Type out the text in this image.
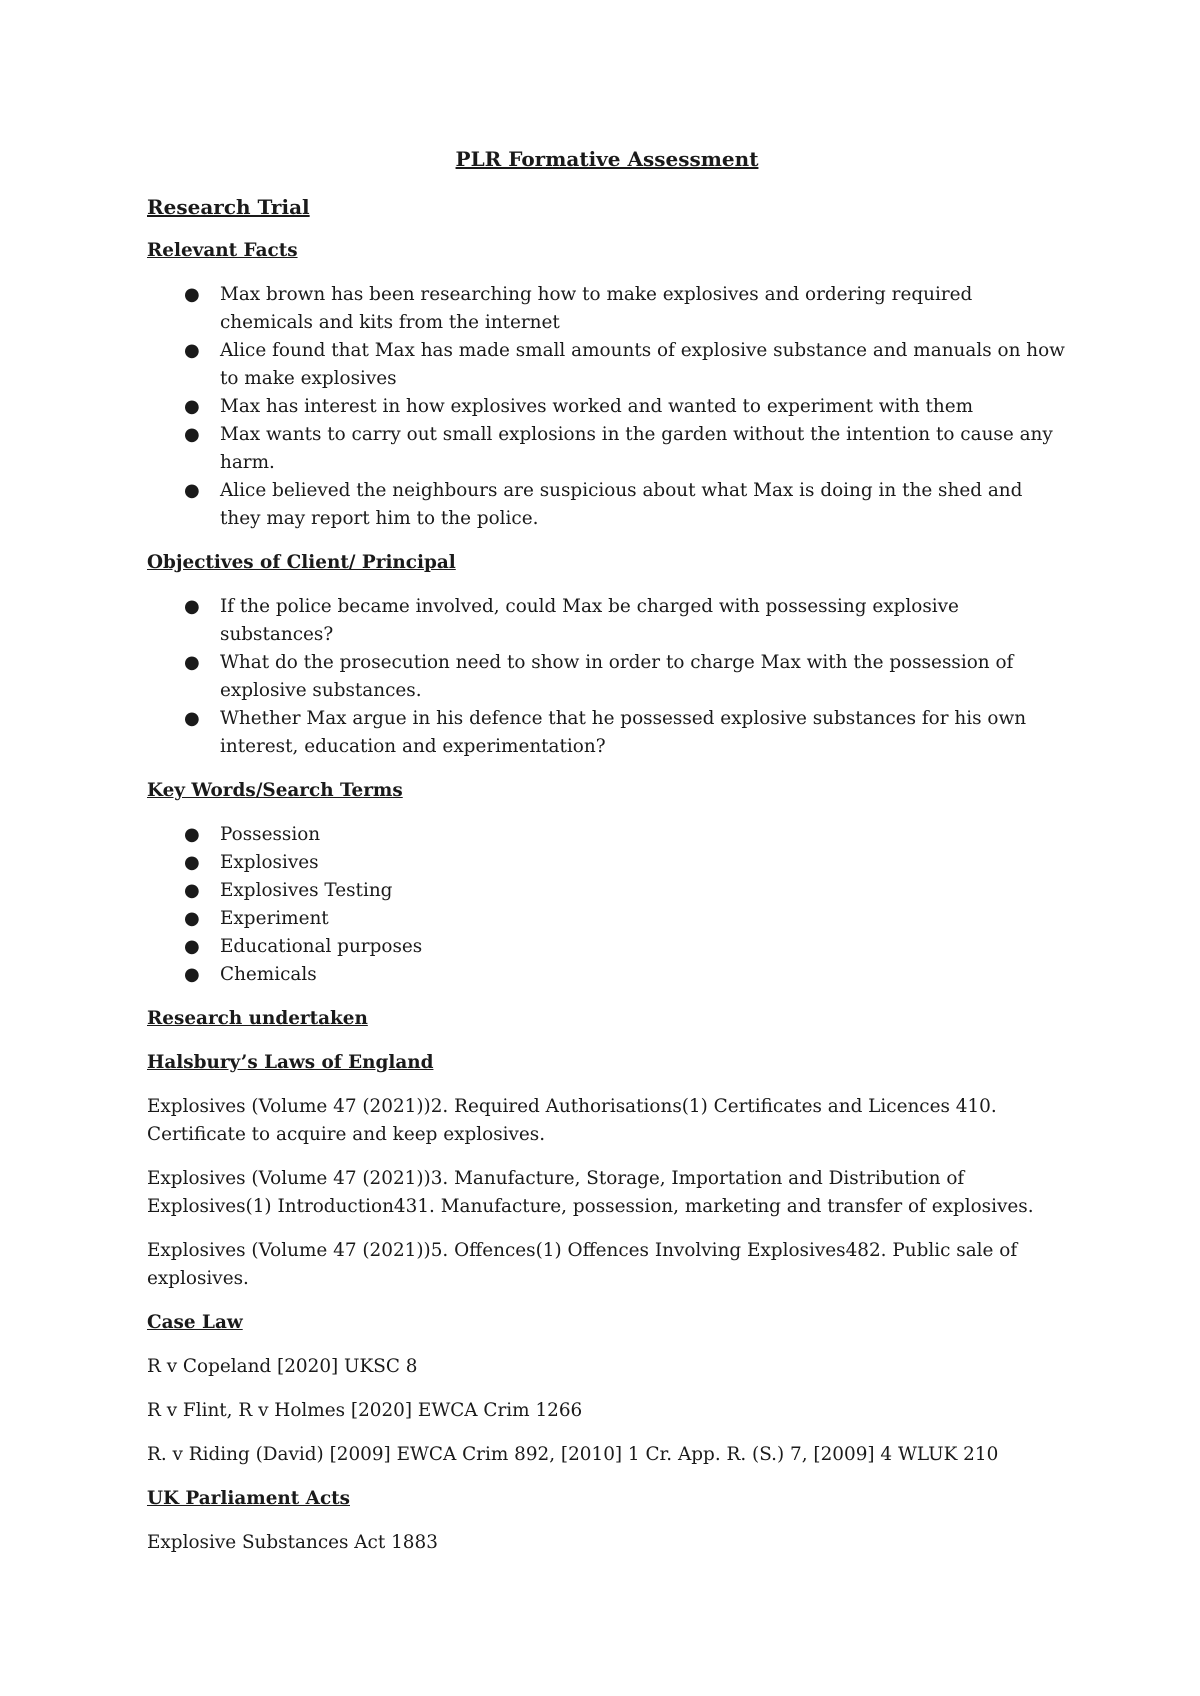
PLR Formative Assessment
Research Trial
Relevant Facts
● Max brown has been researching how to make explosives and ordering required chemicals and kits from the internet
● Alice found that Max has made small amounts of explosive substance and manuals on how to make explosives
● Max has interest in how explosives worked and wanted to experiment with them
● Max wants to carry out small explosions in the garden without the intention to cause any harm.
● Alice believed the neighbours are suspicious about what Max is doing in the shed and they may report him to the police.
Objectives of Client/ Principal
● If the police became involved, could Max be charged with possessing explosive substances?
● What do the prosecution need to show in order to charge Max with the possession of explosive substances.
● Whether Max argue in his defence that he possessed explosive substances for his own interest, education and experimentation?
Key Words/Search Terms
● Possession
● Explosives
● Explosives Testing
● Experiment
● Educational purposes
● Chemicals
Research undertaken
Halsbury’s Laws of England

Explosives (Volume 47 (2021))2. Required Authorisations(1) Certificates and Licences 410. Certificate to acquire and keep explosives.

Explosives (Volume 47 (2021))3. Manufacture, Storage, Importation and Distribution of Explosives(1) Introduction431. Manufacture, possession, marketing and transfer of explosives.

Explosives (Volume 47 (2021))5. Offences(1) Offences Involving Explosives482. Public sale of explosives.

Case Law

R v Copeland [2020] UKSC 8

R v Flint, R v Holmes [2020] EWCA Crim 1266

R. v Riding (David) [2009] EWCA Crim 892, [2010] 1 Cr. App. R. (S.) 7, [2009] 4 WLUK 210

UK Parliament Acts

Explosive Substances Act 1883
